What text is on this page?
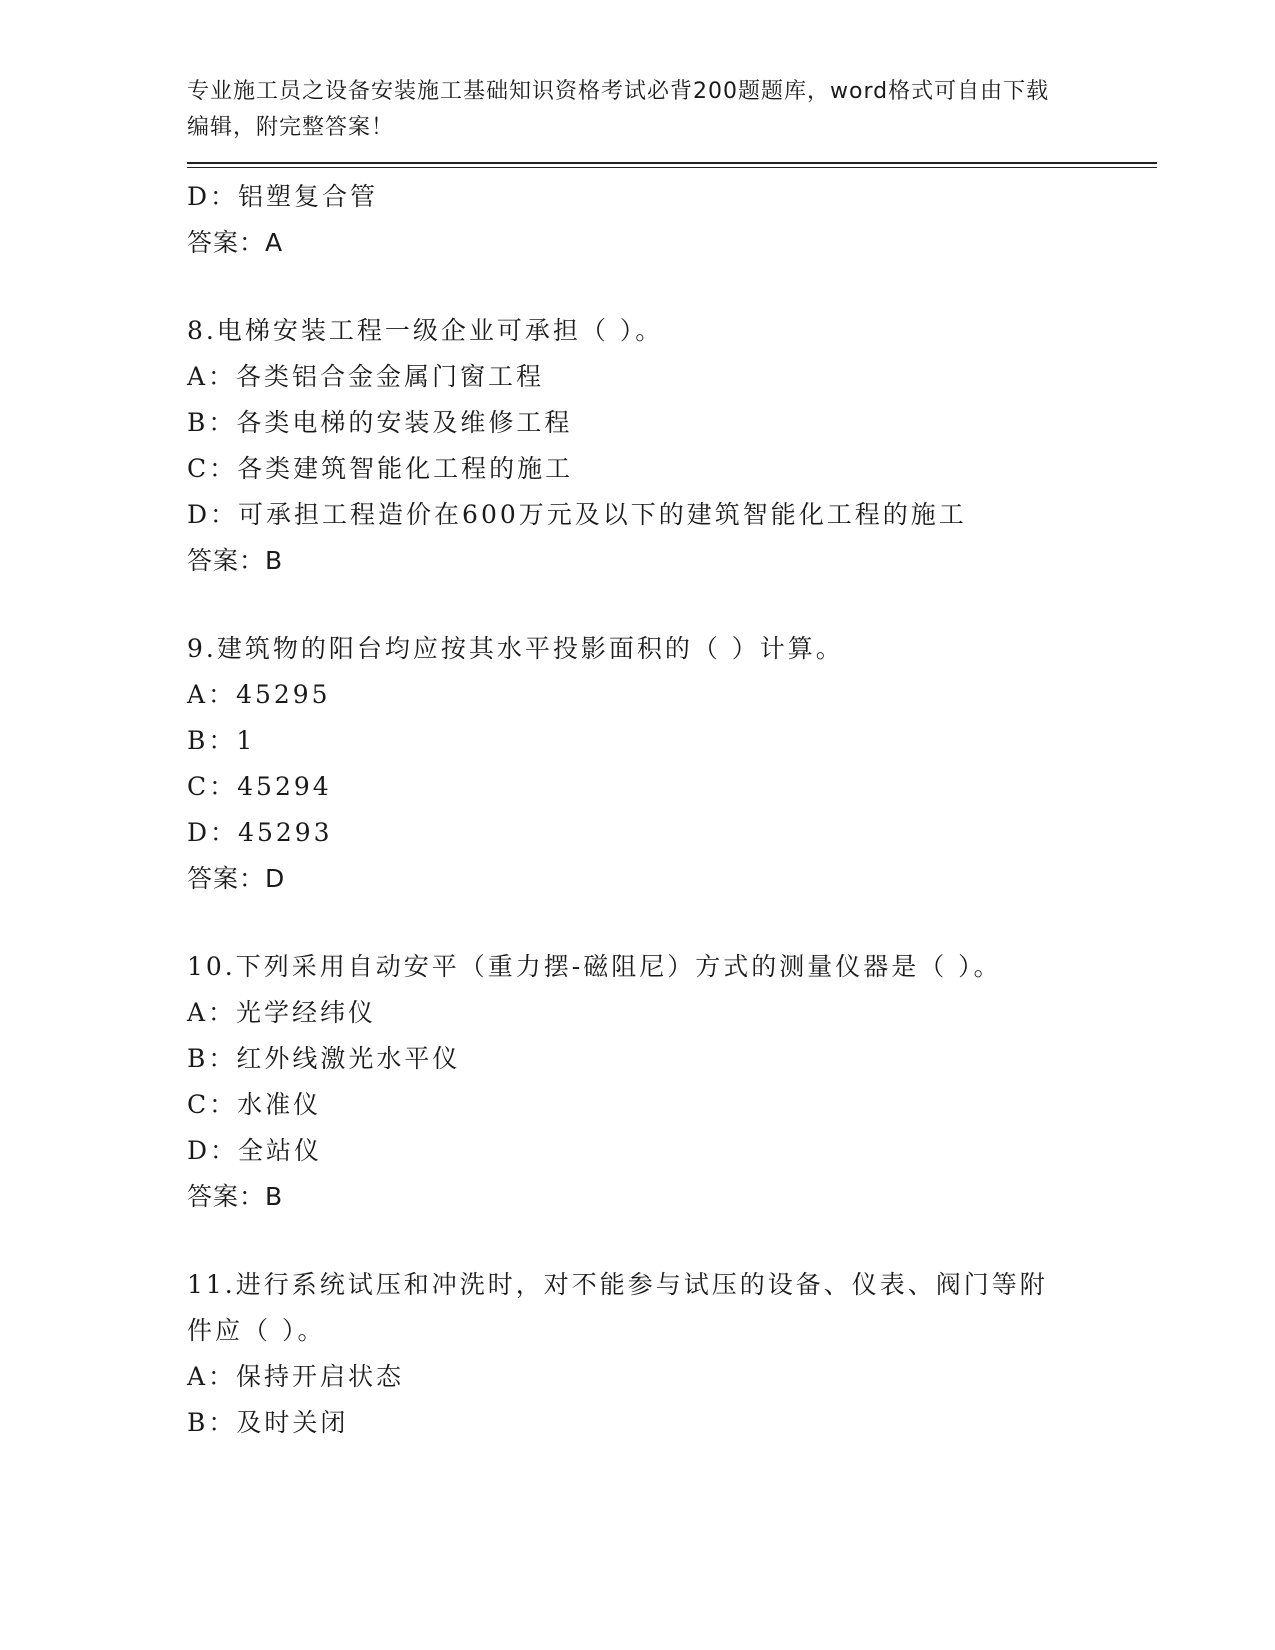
专业施工员之设备安装施工基础知识资格考试必背200题题库，word格式可自由下载编辑，附完整答案！

D：铝塑复合管
答案：A
8.电梯安装工程一级企业可承担（ ）。
A：各类铝合金金属门窗工程
B：各类电梯的安装及维修工程
C：各类建筑智能化工程的施工
D：可承担工程造价在600万元及以下的建筑智能化工程的施工
答案：B
9.建筑物的阳台均应按其水平投影面积的（ ）计算。
A：45295
B：1
C：45294
D：45293
答案：D
10.下列采用自动安平（重力摆-磁阻尼）方式的测量仪器是（ ）。
A：光学经纬仪
B：红外线激光水平仪
C：水准仪
D：全站仪
答案：B
11.进行系统试压和冲洗时，对不能参与试压的设备、仪表、阀门等附件应（ ）。
A：保持开启状态
B：及时关闭
